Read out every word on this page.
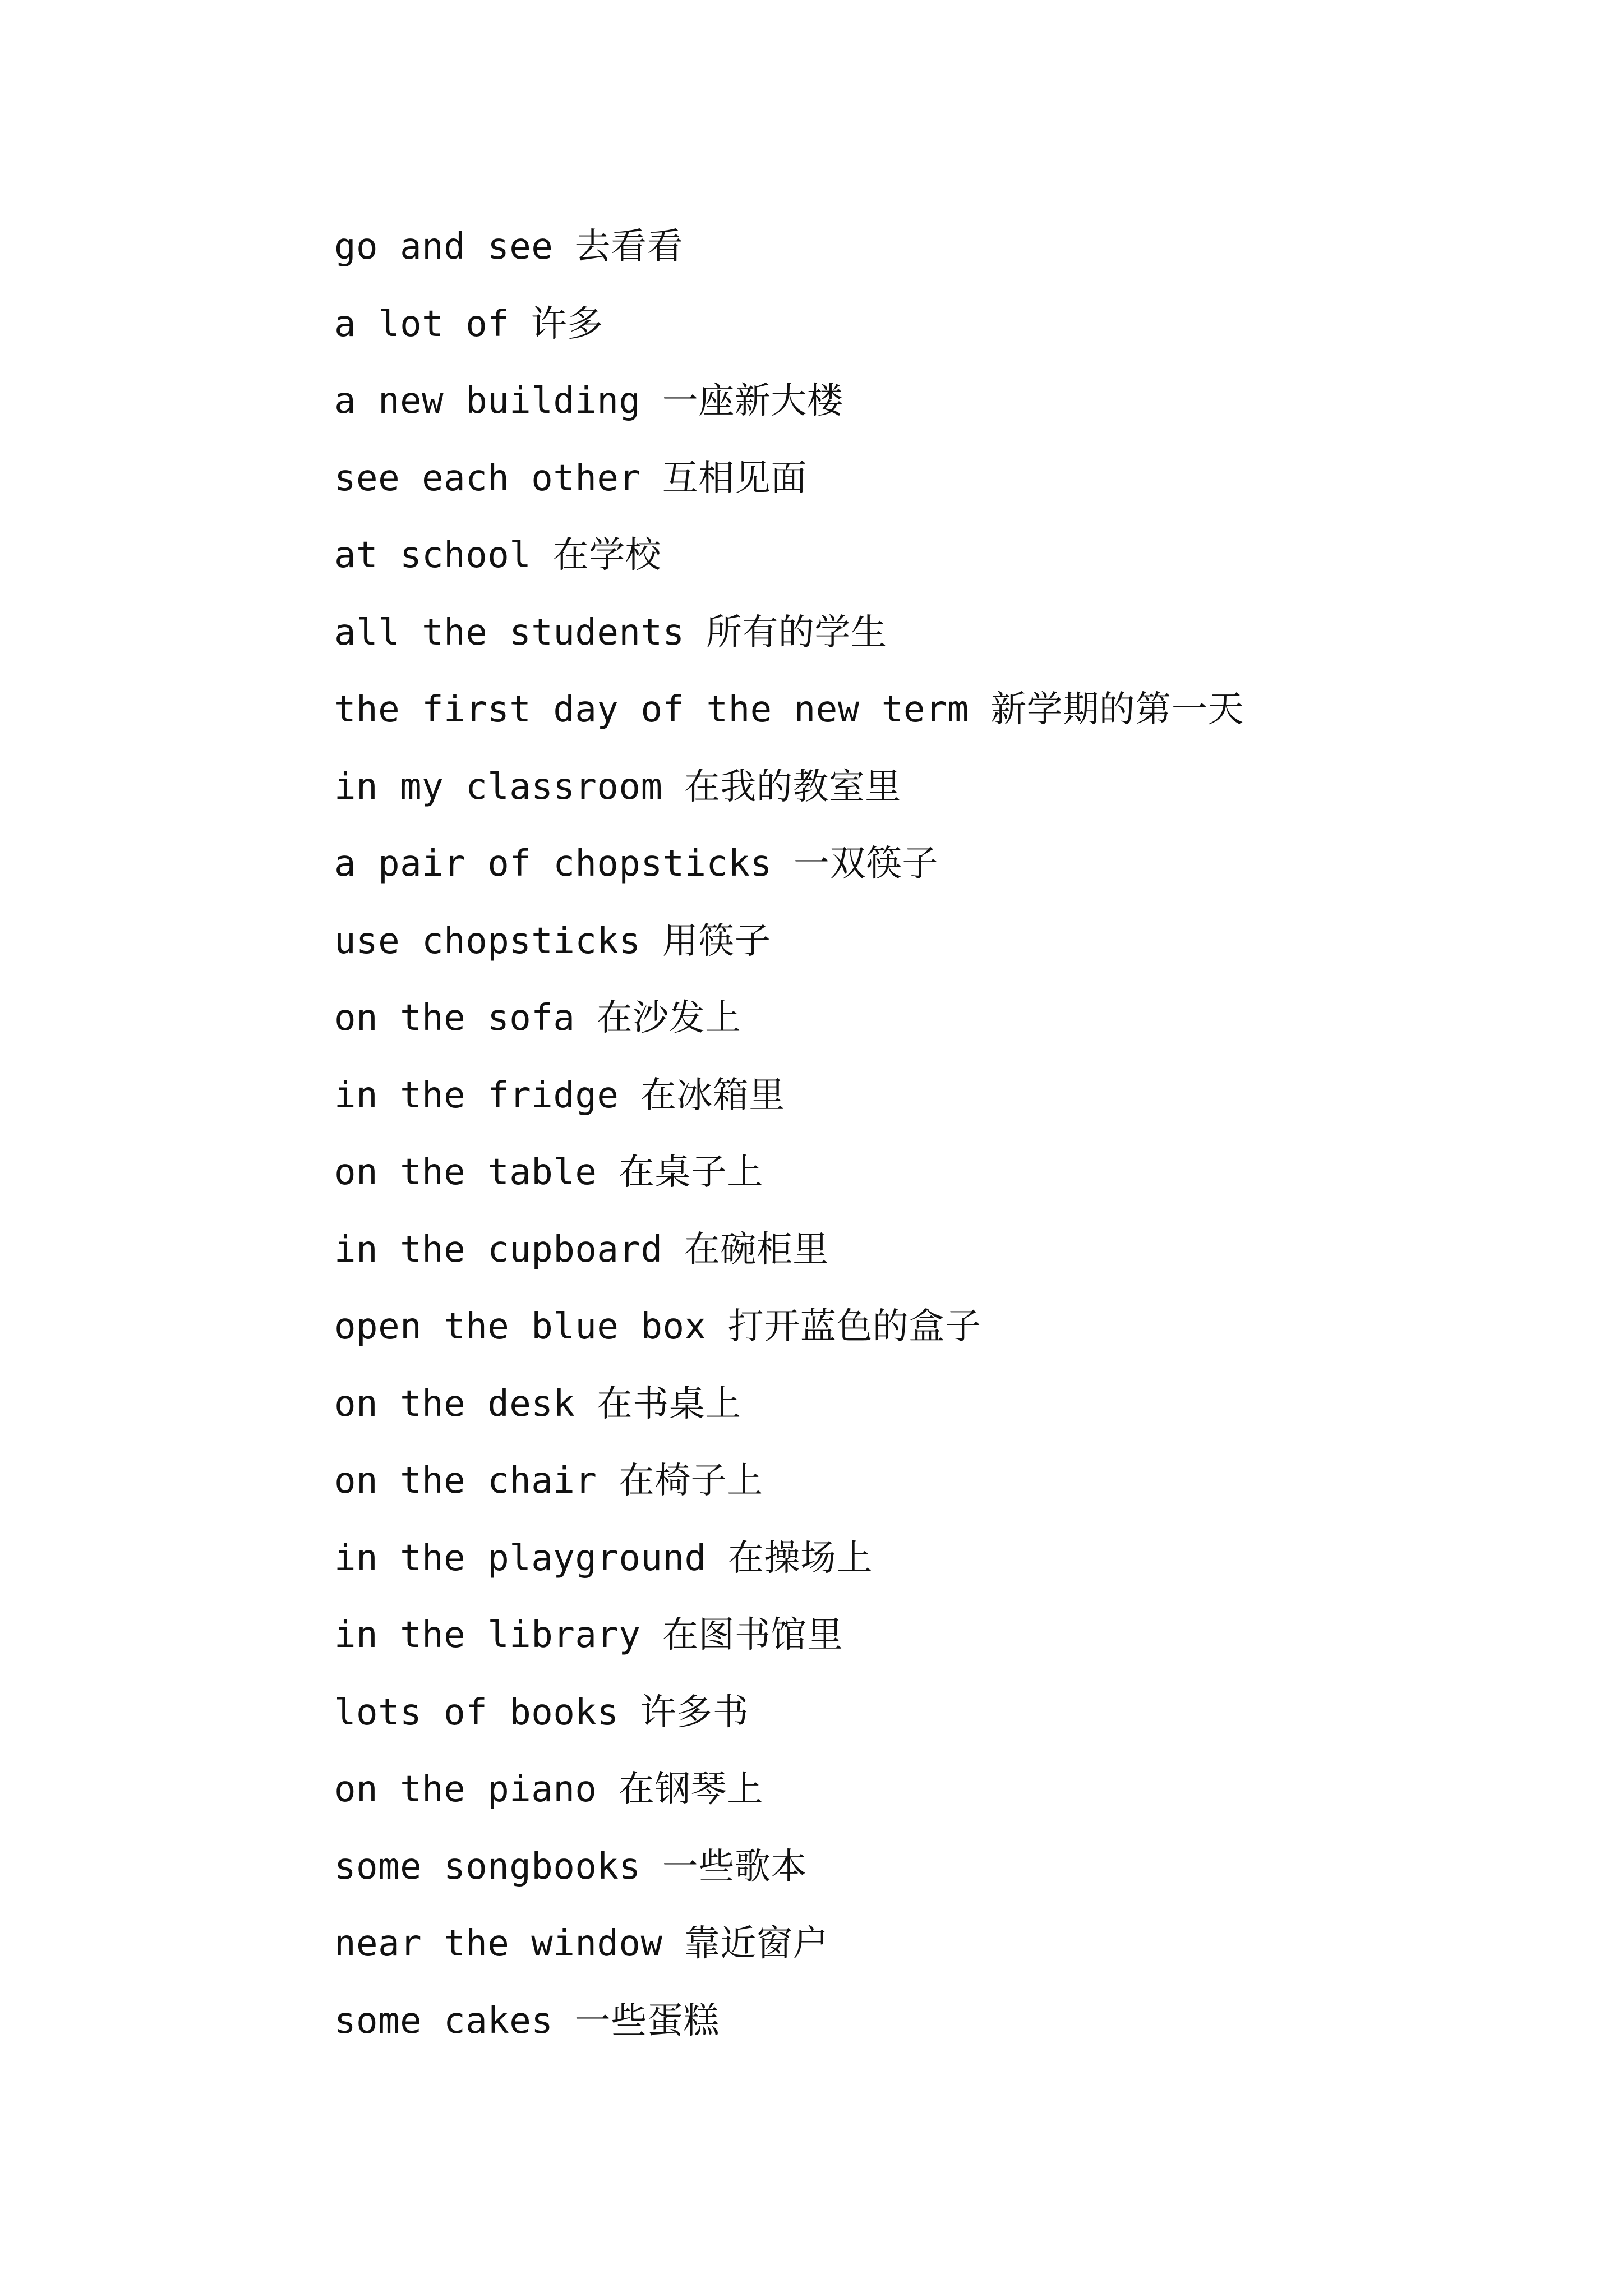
go and see 去看看
a lot of 许多
a new building 一座新大楼
see each other 互相见面
at school 在学校
all the students 所有的学生
the first day of the new term 新学期的第一天
in my classroom 在我的教室里
a pair of chopsticks 一双筷子
use chopsticks 用筷子
on the sofa 在沙发上
in the fridge 在冰箱里
on the table 在桌子上
in the cupboard 在碗柜里
open the blue box 打开蓝色的盒子
on the desk 在书桌上
on the chair 在椅子上
in the playground 在操场上
in the library 在图书馆里
lots of books 许多书
on the piano 在钢琴上
some songbooks 一些歌本
near the window 靠近窗户
some cakes 一些蛋糕
